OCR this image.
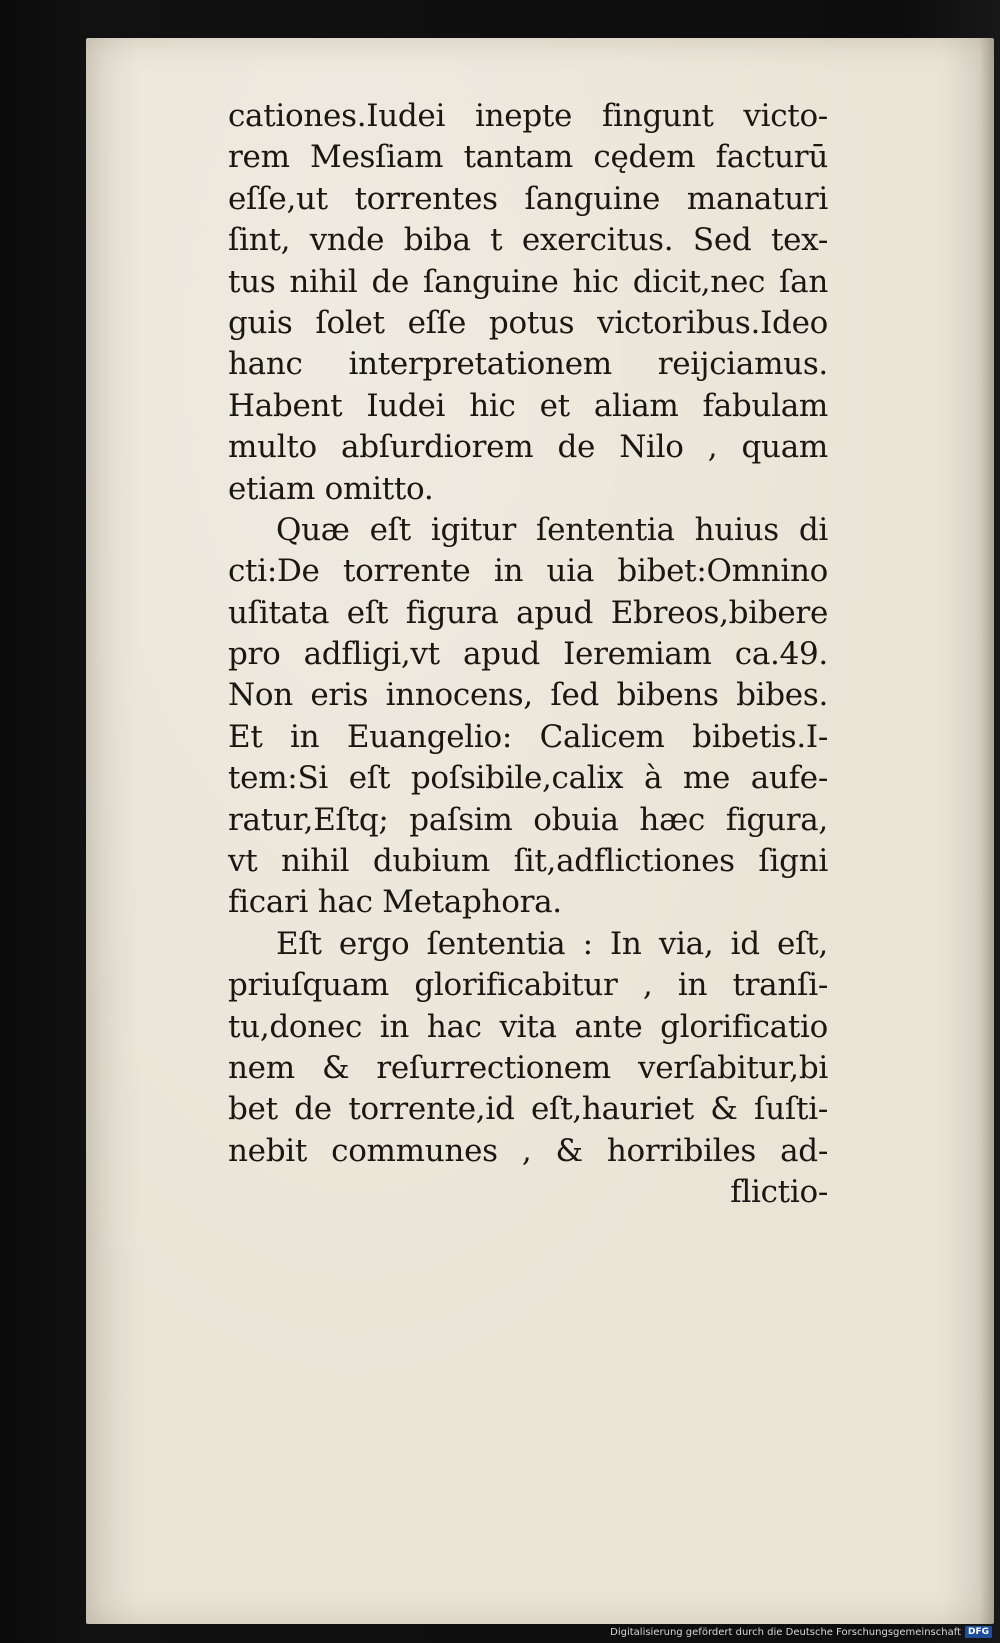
cationes.Iudei inepte fingunt victo-
rem Mesſiam tantam cędem facturū
eſſe,ut torrentes ſanguine manaturi
ſint, vnde biba t exercitus. Sed tex-
tus nihil de ſanguine hic dicit,nec ſan
guis ſolet eſſe potus victoribus.Ideo
hanc interpretationem reijciamus.
Habent Iudei hic et aliam fabulam
multo abſurdiorem de Nilo , quam
etiam omitto.
Quæ eſt igitur ſententia huius di
cti:De torrente in uia bibet:Omnino
uſitata eſt figura apud Ebreos,bibere
pro adfligi,vt apud Ieremiam ca.49.
Non eris innocens, ſed bibens bibes.
Et in Euangelio: Calicem bibetis.I-
tem:Si eſt poſsibile,calix à me aufe-
ratur,Eſtq; paſsim obuia hæc figura,
vt nihil dubium ſit,adflictiones ſigni
ficari hac Metaphora.
Eſt ergo ſententia : In via, id eſt,
priuſquam glorificabitur , in tranſi-
tu,donec in hac vita ante glorificatio
nem & reſurrectionem verſabitur,bi
bet de torrente,id eſt,hauriet & ſuſti-
nebit communes , & horribiles ad-
flictio-
Digitalisierung gefördert durch die Deutsche Forschungsgemeinschaft DFG
